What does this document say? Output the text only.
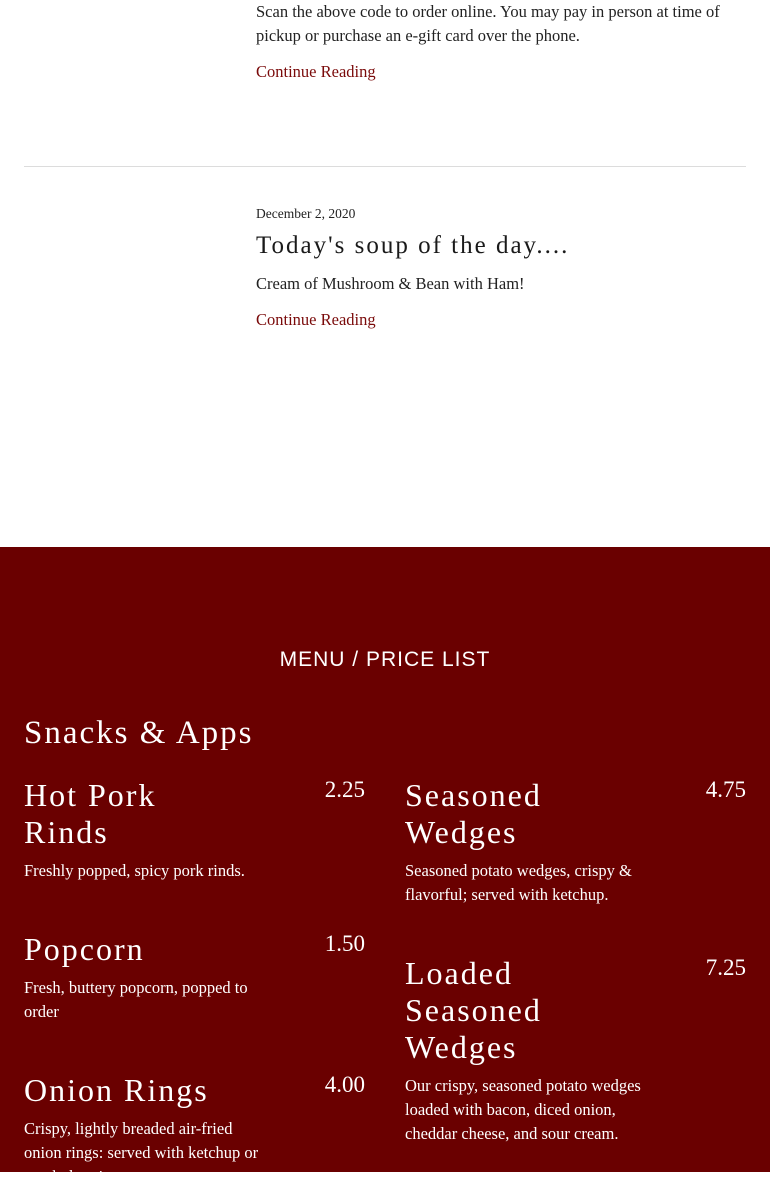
Scan the above code to order online. You may pay in person at time of pickup or purchase an e-gift card over the phone.

Continue Reading
December 2, 2020
Today's soup of the day....

Cream of Mushroom & Bean with Ham!

Continue Reading
MENU / PRICE LIST
Snacks & Apps
Hot Pork Rinds
2.25

Freshly popped, spicy pork rinds.

Popcorn	1.50

Fresh, buttery popcorn, popped to order

Onion Rings	4.00

Crispy, lightly breaded air-fried onion rings: served with ketchup or ranch dressing.

Seasoned Wedges
4.75

Seasoned potato wedges, crispy & flavorful; served with ketchup.

Loaded Seasoned Wedges
7.25

Our crispy, seasoned potato wedges loaded with bacon, diced onion, cheddar cheese, and sour cream.
